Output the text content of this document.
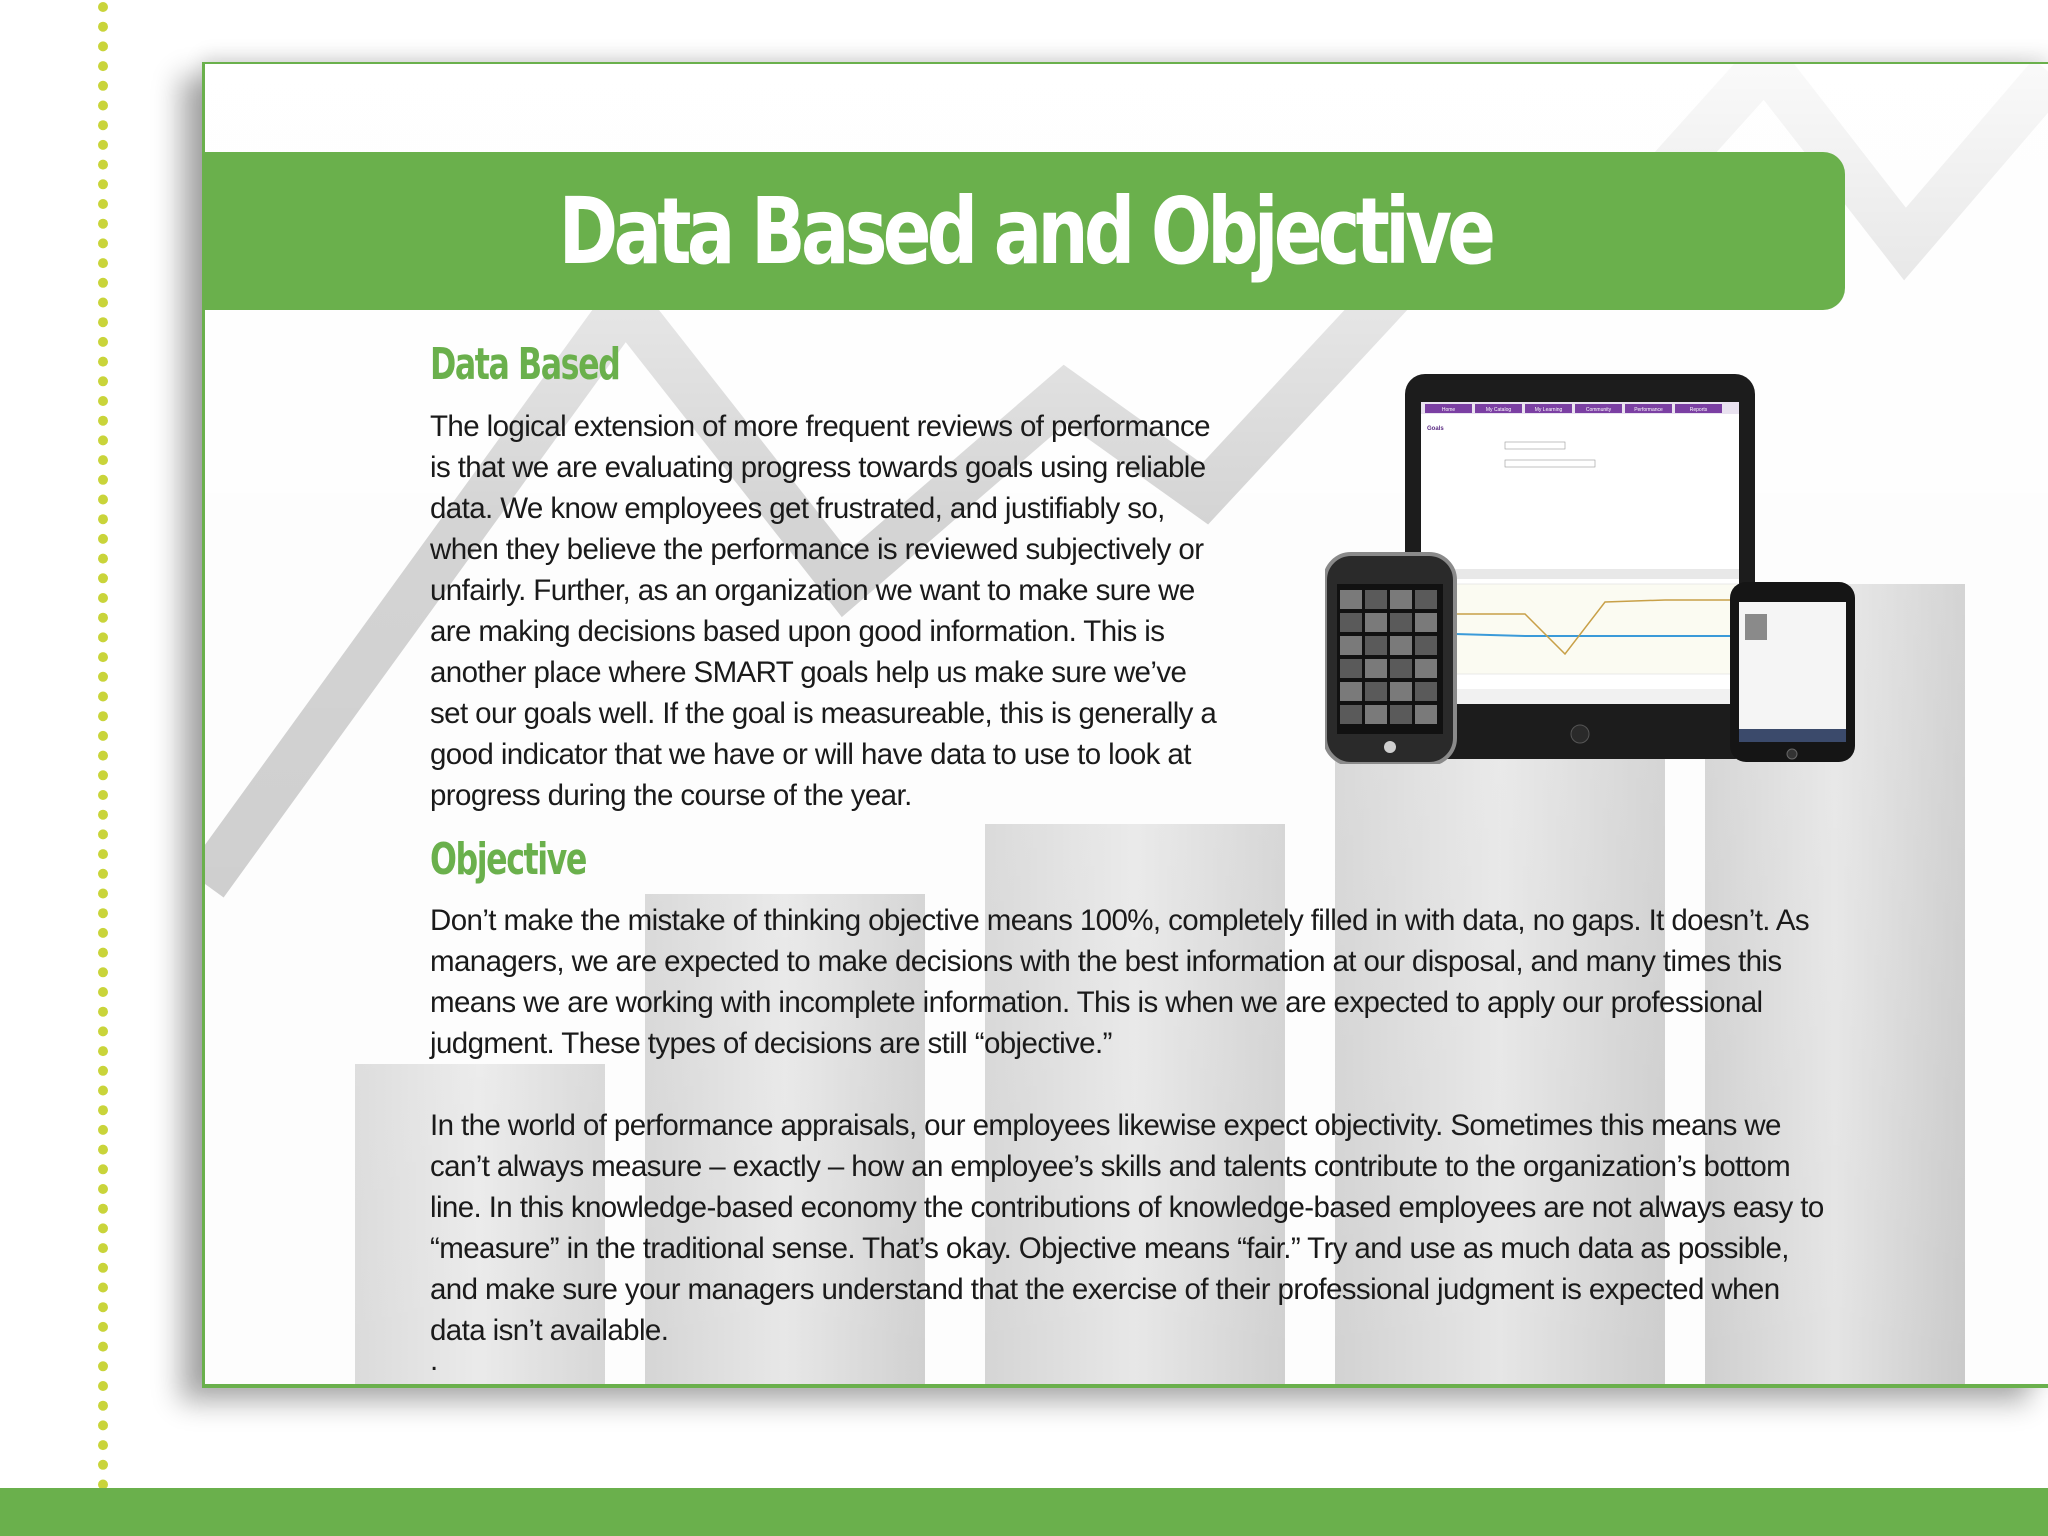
Data Based and Objective
Data Based

The logical extension of more frequent reviews of performance is that we are evaluating progress towards goals using reliable data. We know employees get frustrated, and justifiably so, when they believe the performance is reviewed subjectively or unfairly. Further, as an organization we want to make sure we are making decisions based upon good information. This is another place where SMART goals help us make sure we’ve set our goals well. If the goal is measureable, this is generally a good indicator that we have or will have data to use to look at progress during the course of the year.

Objective

Don’t make the mistake of thinking objective means 100%, completely filled in with data, no gaps. It doesn’t. As managers, we are expected to make decisions with the best information at our disposal, and many times this means we are working with incomplete information. This is when we are expected to apply our professional judgment. These types of decisions are still “objective.”

In the world of performance appraisals, our employees likewise expect objectivity. Sometimes this means we can’t always measure – exactly – how an employee’s skills and talents contribute to the organization’s bottom line. In this knowledge-based economy the contributions of knowledge-based employees are not always easy to “measure” in the traditional sense. That’s okay. Objective means “fair.” Try and use as much data as possible, and make sure your managers understand that the exercise of their professional judgment is expected when data isn’t available.

.

Home	My Catalog	My Learning	Community	Performance	Reports
Goals
